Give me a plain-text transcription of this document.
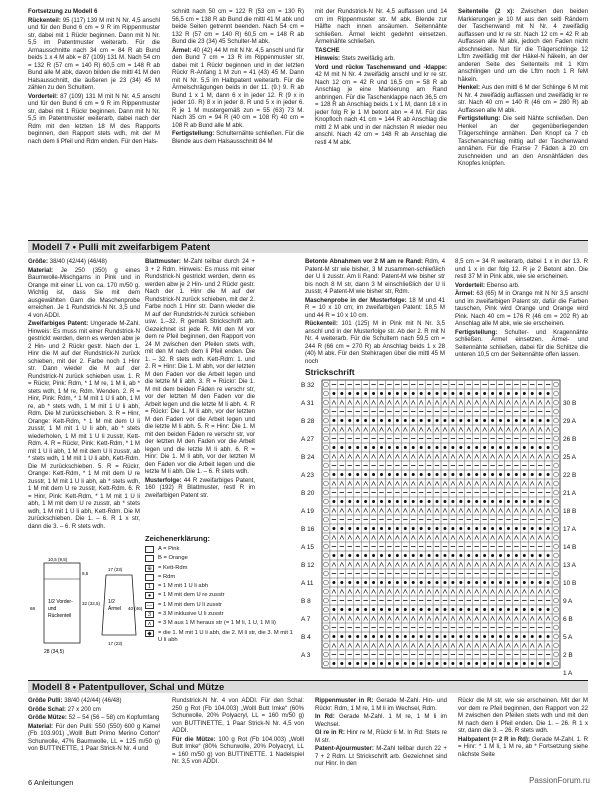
Fortsetzung zu Modell 6

Rückenteil: 95 (117) 139 M mit N Nr. 4,5 anschl und für den Bund 6 cm = 9 R im Rippenmuster str, dabei mit 1 Rückr beginnen. Dann mit N Nr. 5,5 im Patentmuster weiterarb. Für die Armausschnitte nach 34 cm = 84 R ab Bund beids 1 x 4 M abk = 87 (109) 131 M. Nach 54 cm = 132 R (57 cm = 140 R) 60,5 cm = 148 R ab Bund alle M abk, davon bilden die mittl 41 M den Halsausschnitt, die äußeren je 23 (34) 45 M zählen zu den Schultern.

Vorderteil: 87 (109) 131 M mit N Nr. 4,5 anschl und für den Bund 6 cm = 9 R im Rippenmuster str, dabei mit 1 Rückr beginnen. Dann mit N Nr. 5,5 im Patentmuster weiterarb, dabei nach der Rdm mit den letzten 18 M des Rapports beginnen, den Rapport stets wdh, mit der M nach dem li Pfeil und Rdm enden. Für den Hals-

schnitt nach 50 cm = 122 R (53 cm = 130 R) 56,5 cm = 138 R ab Bund die mittl 41 M abk und beide Seiten getrennt beenden. Nach 54 cm = 132 R (57 cm = 140 R) 60,5 cm = 148 R ab Bund die 23 (34) 45 Schulter-M abk.

Ärmel: 40 (42) 44 M mit N Nr. 4,5 anschl und für den Bund 7 cm = 13 R im Rippenmuster str, dabei mit 1 Rückr beginnen und in der letzten Rückr R-Anfang 1 M zun = 41 (43) 45 M. Dann mit N Nr. 5,5 im Halbpatent weiterarb. Für die Ärmelschrägungen beids in der 11. (9.) 9. R ab Bund 1 x 1 M, dann 6 x in jeder 12. R (9 x in jeder 10. R) 8 x in jeder 8. R und 5 x in jeder 6. R je 1 M mustergemäß zun = 55 (63) 73 M. Nach 35 cm = 94 R (40 cm = 108 R) 40 cm = 108 R ab Bund alle M abk.

Fertigstellung: Schulternähte schließen. Für die Blende aus dem Halsausschnitt 84 M

mit der Rundstrick-N Nr. 4,5 auffassen und 14 cm im Rippenmuster str. M abk. Blende zur Hälfte nach innen ansäumen. Seitennähte schließen. Ärmel leicht gedehnt einsetzen. Ärmelnähte schließen.

TASCHE

Hinweis: Stets zweifädig arb.

Vord und rückw Taschenwand und -klappe: 42 M mit N Nr. 4 zweifädig anschl und kr re str. Nach 12 cm = 42 R und 16,5 cm = 58 R ab Anschlag je eine Markierung am Rand anbringen. Für die Taschenklappe nach 36,5 cm = 128 R ab Anschlag beids 1 x 1 M, dann 18 x in jeder folg R je 1 M betont abn = 4 M. Für das Knopfloch nach 41 cm = 144 R ab Anschlag die mittl 2 M abk und in der nächsten R wieder neu anschl. Nach 42 cm = 148 R ab Anschlag die restl 4 M abk.

Seitenteile (2 x): Zwischen den beiden Markierungen je 10 M aus den seitl Rändern der Taschenwand mit N Nr. 4 zweifädig auffassen und kr re str. Nach 12 cm = 42 R ab Auffassen alle M abk, jedoch den Faden nicht abschneiden. Nun für die Trägerschlinge 12 Lftm zweifädig mit der Häkel-N häkeln, an der anderen Seite des Seitenteils mit 1 Ktm anschlingen und um die Lftm noch 1 R feM häkeln.

Henkel: Aus den mittl 6 M der Schlinge 6 M mit N Nr. 4 zweifädig auffassen und zweifädig kr re str. Nach 40 cm = 140 R (46 cm = 280 R) ab Auffassen alle M abk.

Fertigstellung: Die seitl Nähte schließen. Den Henkel an der gegenüberliegenden Trägerschlinge annähen. Den Knopf ca 7 cb Taschenanschlag mittig auf der Taschenwand annähen. Für die Fransе 7 Fäden à 20 cm zuschneiden und an den Ansnähfäden des Knopfes knüpfen.

Modell 7 • Pulli mit zweifarbigem Patent

Größe: 38/40 (42/44) (46/48)

Material: Je 250 (350) g eines Baumwolle-Mischgarns in Pink und in Orange mit einer LL von ca. 170 m/50 g. Wichtig ist, dass Sie mit dem ausgewählten Garn die Maschenprobe erreichen. Je 1 Rundstrick-N Nr. 3,5 und 4 von ADDI.

Zweifarbiges Patent: Ungerade M-Zahl. Hinweis: Es muss mit einer Rundstrick-N gestrickt werden, denn es werden abw je 2 Hin- und 2 Rückr gestr. Nach der 1. Hinr die M auf der Rundstrick-N zurück schieben, mit der 2. Farbe noch 1 Hinr str. Dann wieder die M auf der Rundstrick-N zurück schieben usw. 1. R = Rückr, Pink: Rdm, * 1 M re, 1 M li, ab * stets wdh, 1 M re, Rdm. Wenden. 2. R = Hinr, Pink: Rdm, * 1 M mit 1 U li abh, 1 M re, ab * stets wdh, 1 M mit 1 U li abh, Rdm. Die M zurückschieben. 3. R = Hinr, Orange: Kett-Rdm, * 1 M mit dem U li zusstr, 1 M mit 1 U li abh, ab * stets wiederholen, 1 M mit 1 U li zusstr, Kett-Rdm. 4. R = Rückr, Pink: Kett-Rdm, * 1 M mit 1 U li abh, 1 M mit dem U li zusstr, ab * stets wdh, 1 M mit 1 U li abh, Kett-Rdm. Die M zurückschieben. 5. R = Rückr, Orange: Kett-Rdm, * 1 M mit dem U re zusstr, 1 M mit 1 U li abh, ab * stets wdh, 1 M mit dem U re zusstr, Kett-Rdm. 6. R = Hinr, Pink: Kett-Rdm, * 1 M mit 1 U li abh, 1 M mit dem U re zusstr, ab * stets wdh, 1 M mit 1 U li abh, Kett-Rdm. Die M zurückschieben. Die 1. – 6. R 1 x str, dann die 3. – 6. R stets wdh.

Blattmuster: M-Zahl teilbar durch 24 + 3 + 2 Rdm. Hinweis: Es muss mit einer Rundstrick-N gestrickt werden, denn es werden abw je 2 Hin- und 2 Rückr gestr. Nach der 1. Hinr die M auf der Rundstrick-N zurück schieben, mit der 2. Farbe noch 1 Hinr str. Dann wieder die M auf der Rundstrick-N zurück schieben usw. 1.–32. R gemäß Strickschrift arb. Gezeichnet ist jede R. Mit den M vor dem re Pfeil beginnen, den Rapport von 24 M zwischen den Pfeilen stets wdh, mit den M nach dem li Pfeil enden. Die 1. – 32. R stets wdh. Kett-Rdm: 1. und 2. R = Hinr: Die 1. M abh, vor der letzten M den Faden vor die Arbeit legen und die letzte M li abh. 3. R = Rückr: Die 1. M mit dem beiden Fäden re verschr str, vor der letzten M den Faden vor die Arbeit legen und die letzte M li abh. 4. R = Rückr: Die 1. M li abh, vor der letzten M den Faden vor die Arbeit legen und die letzte M li abh. 5. R = Hinr: Die 1. M mit den beiden Fäden re verschr str, vor der letzten M den Faden vor die Arbeit legen und die letzte M li abh. 6. R = Hinr: Die 1. M li abh, vor der letzten M den Faden vor die Arbeit legen und die letzte M li abh. Die 1. – 6. R stets wdh.

Musterfolge: 44 R zweifarbiges Patent, 160 (192) R Blattmuster, restl R im zweifarbigen Patent str.

Betonte Abnahmen vor 2 M am re Rand: Rdm, 4 Patent-M str wie bisher, 3 M zusammen-schließlich der U li zusstr. Am li Rand: Patent-M wie bisher str bis noch 8 M str, dann 3 M einschließlich der U li zusstr, 4 Patent-M wie bisher str, Rdm.

Maschenprobe in der Musterfolge: 18 M und 41 R = 10 x 10 cm; im zweifarbigen Patent: 18,5 M und 44 R = 10 x 10 cm.

Rückenteil: 101 (125) M in Pink mit N Nr. 3,5 anschl und in der Musterfolge str. Ab der 2. R mit N Nr. 4 weiterarb. Für die Schultern nach 59,5 cm = 244 R (66 cm = 270 R) ab Anschlag beids 1 x 28 (40) M abk. Für den Stehkragen über die mittl 45 M noch

8,5 cm = 34 R weiterarb, dabei 1 x in der 13. R und 1 x in der folg 12. R je 2 Betont abn. Die restl 37 M in Pink abk, wie sie erscheinen.

Vorderteil: Ebenso arb.

Ärmel: 63 (65) M in Orange mit N Nr 3,5 anschl und im zweifarbigen Patent str, dafür die Farben tauschen, Pink wird Orange und Orange wird Pink. Nach 40 cm = 176 R (46 cm = 202 R) ab Anschlag alle M abk, wie sie erscheinen.

Fertigstellung: Schulter- und Kragennähte schließen. Ärmel einsetzen. Ärmel- und Seitennähte schließen, dabei für die Schlitze die unteren 10,5 cm der Seitennähte offen lassen.

Strickschrift
B 32
A 31
B 28
A 27
B 24
A 23
B 20
A 19
B 16
A 15
B 12
A 11
B 8
A 7
B 4
A 3
30 B
29 A
26 B
25 A
22 B
21 A
18 B
17 A
14 B
13 A
10 B
9 A
6 B
5 A
2 B
1 A
Zeichenerklärung:
A = Pink
B = Orange
⊕	= Kett-Rdm
= Rdm
1	= 1 M mit 1 U li abh
●	= 1 M mit dem U re zusstr
— = 1 M mit dem U li zusstr
3	= 3 M inklusive U li zusstr
∧	= 3 M aus 1 M heraus str (= 1 M li, 1 U, 1 M li)
◆	= die 1. M mit 1 U li abh, die 2. M li str, die 3. M mit 1 U li abh
1/2 Vorder-
und
Rückenteil
28 (34,5)
68
8,5
32 (32,5)
10,5 (9,5)
1/2
Ärmel
17 (23)
17 (23)
40 (46)
Modell 8 • Patentpullover, Schal und Mütze

Größe Pulli: 38/40 (42/44) (46/48)

Größe Schal: 27 x 200 cm

Größe Mütze: 52 – 54 (56 – 58) cm Kopfumfang

Material: Für den Pulli: 550 (550) 600 g Kamel (Fb 103.901) „Wolll Butt Primo Merino Cotton“ Schurwolle, 47% Baumwolle, LL = 125 m/50 g) von BUTTINETTE, 1 Paar Strick-N Nr. 4 und

Rundstrick-N Nr. 4 von ADDI. Für den Schal: 250 g Rot (Fb 104.003) „Wolll Butt Imke“ (60% Schurwolle, 20% Polyacryl, LL = 160 m/50 g) von BUTTINETTE, 1 Paar Strick-N Nr. 4,5 von ADDI.

Für die Mütze: 100 g Rot (Fb 104.003) „Wolll Butt Imke“ (80% Schurwolle, 20% Polyacryl, LL = 160 m/50 g) von BUTTINETTE. 1 Nadelspiel Nr. 3,5 von ADDI.

Rippenmuster in R: Gerade M-Zahl. Hin- und Rückr: Rdm, 1 M re, 1 M li im Wechsel, Rdm.

In Rd: Gerade M-Zahl. 1 M re, 1 M li im Wechsel.

Gl re in R: Hinr re M, Rückr li M. In Rd: Stets re M str.

Patent-Ajourmuster: M-Zahl teilbar durch 22 + 7 + 2 Rdm. Lt Strickschrift arb. Gezeichnet sind nur Hinr. In den

Rückr die M str, wie sie erscheinen. Mit der M vor dem re Pfeil beginnen, den Rapport von 22 M zwischen den Pfeilen stets wdh und mit den M nach dem li Pfeil enden. Die 1. – 26. R 1 x str, dann die 3. – 26. R stets wdh.

Halbpatent (= 2 R in Rd): Gerade M-Zahl. 1. R = Hinr: * 1 M li, 1 M re, ab * Fortsetzung siehe nächste Seite

6 Anleitungen	PassionForum.ru
